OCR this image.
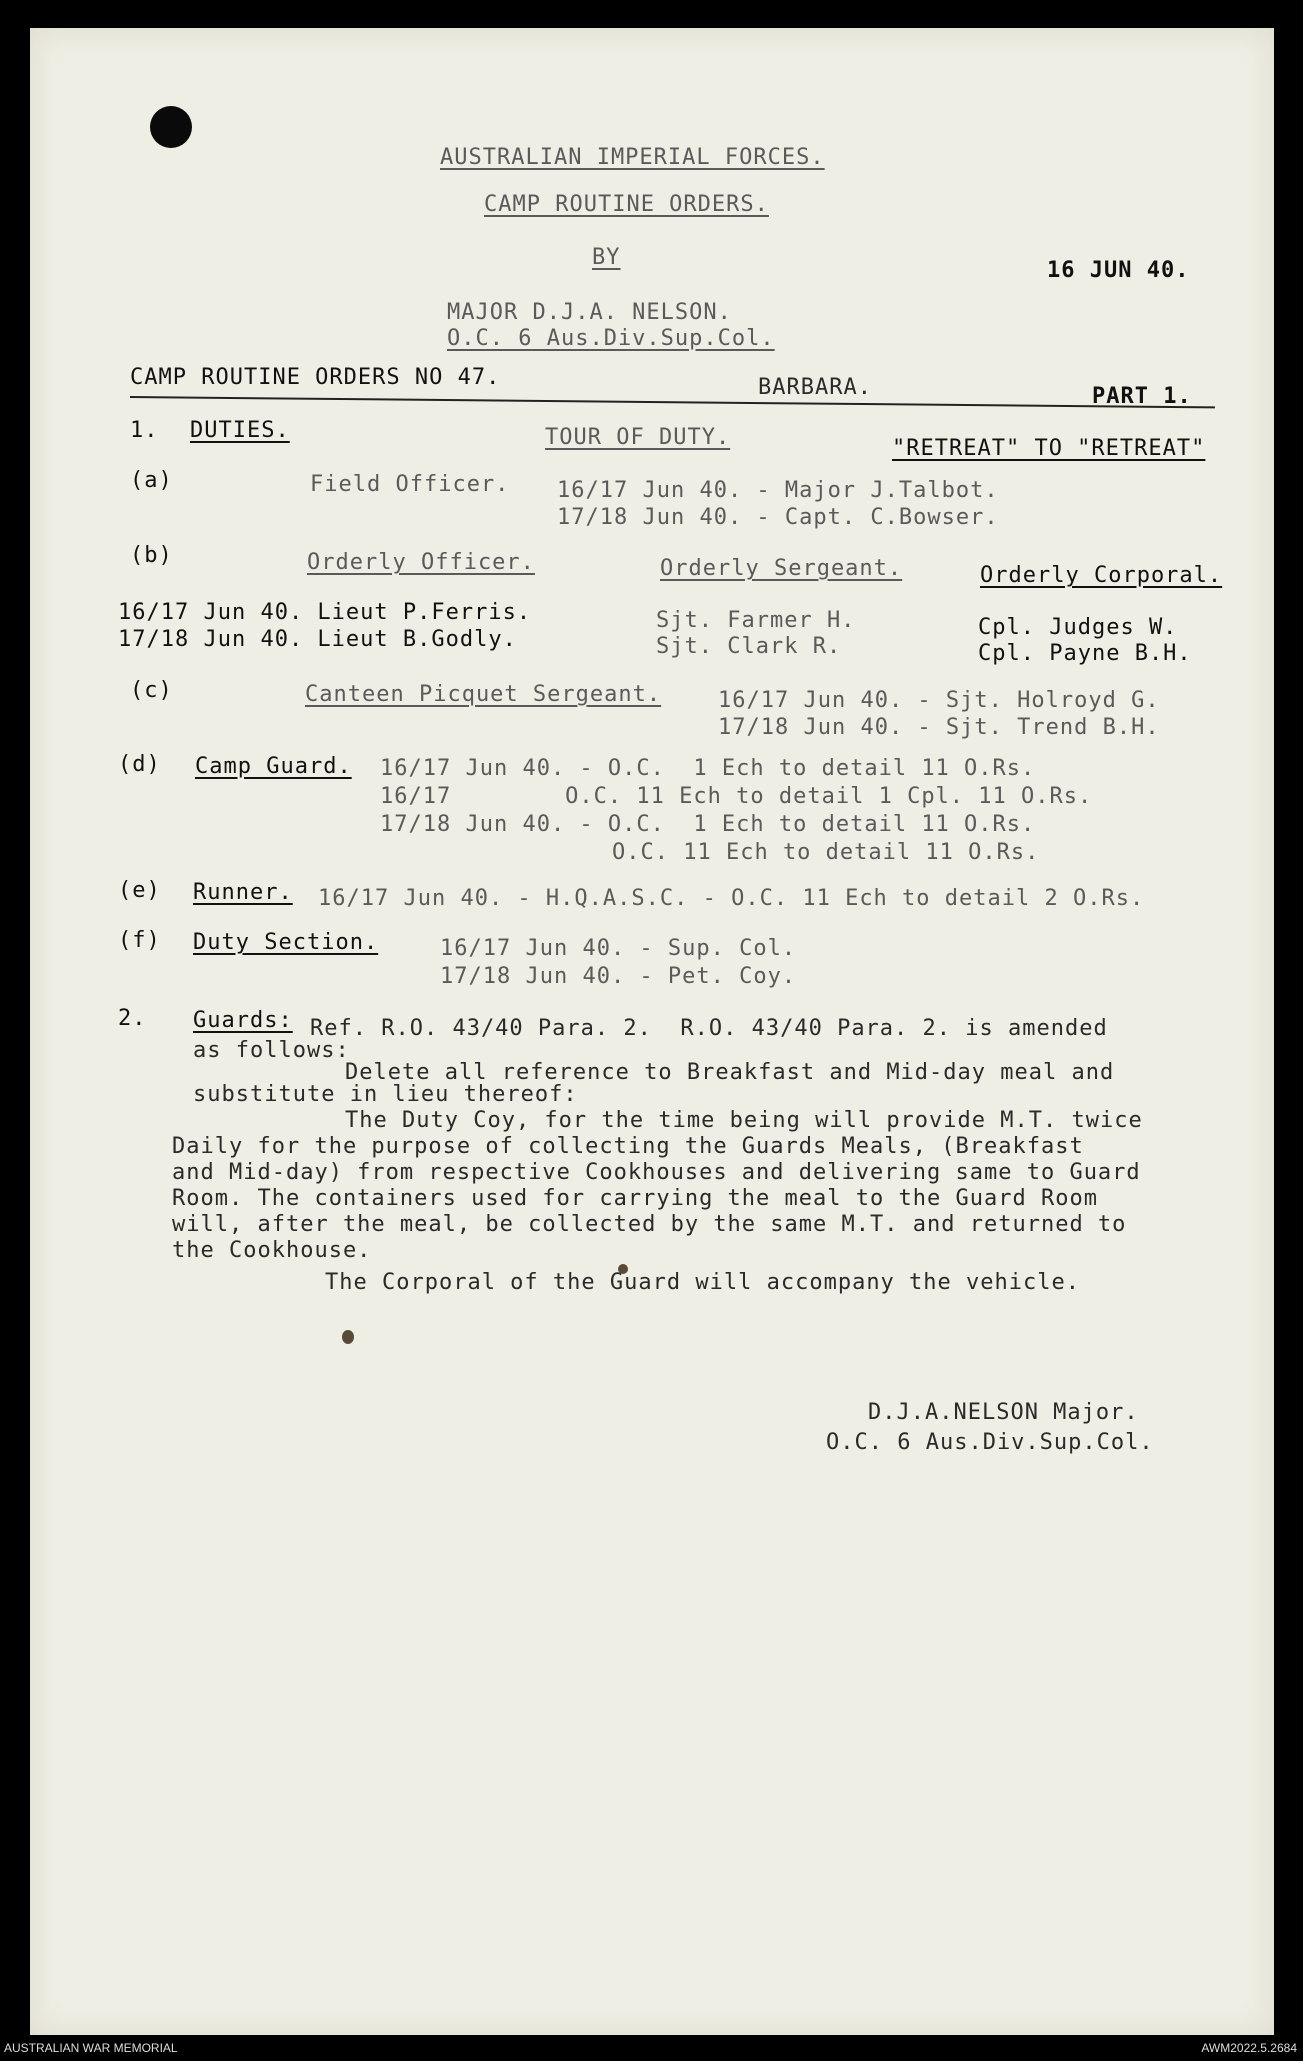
AUSTRALIAN IMPERIAL FORCES.
CAMP ROUTINE ORDERS.
BY
16 JUN 40.
MAJOR D.J.A. NELSON.
O.C. 6 Aus.Div.Sup.Col.
CAMP ROUTINE ORDERS NO 47.	BARBARA.	PART 1.
1. DUTIES.	TOUR OF DUTY.	"RETREAT" TO "RETREAT"
(a)	Field Officer. 16/17 Jun 40. - Major J.Talbot.
17/18 Jun 40. - Capt. C.Bowser.
(b)	Orderly Officer.	Orderly Sergeant.	Orderly Corporal.
16/17 Jun 40. Lieut P.Ferris.	Sjt. Farmer H.	Cpl. Judges W.
17/18 Jun 40. Lieut B.Godly.	Sjt. Clark R.	Cpl. Payne B.H.
(c)	Canteen Picquet Sergeant.	16/17 Jun 40. - Sjt. Holroyd G.
17/18 Jun 40. - Sjt. Trend B.H.
(d) Camp Guard. 16/17 Jun 40. - O.C.  1 Ech to detail 11 O.Rs.
16/17        O.C. 11 Ech to detail 1 Cpl. 11 O.Rs.
17/18 Jun 40. - O.C.  1 Ech to detail 11 O.Rs.
O.C. 11 Ech to detail 11 O.Rs.
(e) Runner. 16/17 Jun 40. - H.Q.A.S.C. - O.C. 11 Ech to detail 2 O.Rs.
(f) Duty Section.	16/17 Jun 40. - Sup. Col.
17/18 Jun 40. - Pet. Coy.
2. Guards: Ref. R.O. 43/40 Para. 2.  R.O. 43/40 Para. 2. is amended
as follows:
Delete all reference to Breakfast and Mid-day meal and
substitute in lieu thereof:
The Duty Coy, for the time being will provide M.T. twice
Daily for the purpose of collecting the Guards Meals, (Breakfast
and Mid-day) from respective Cookhouses and delivering same to Guard
Room. The containers used for carrying the meal to the Guard Room
will, after the meal, be collected by the same M.T. and returned to
the Cookhouse.
The Corporal of the Guard will accompany the vehicle.
D.J.A.NELSON Major.
O.C. 6 Aus.Div.Sup.Col.
AUSTRALIAN WAR MEMORIAL	AWM2022.5.2684
